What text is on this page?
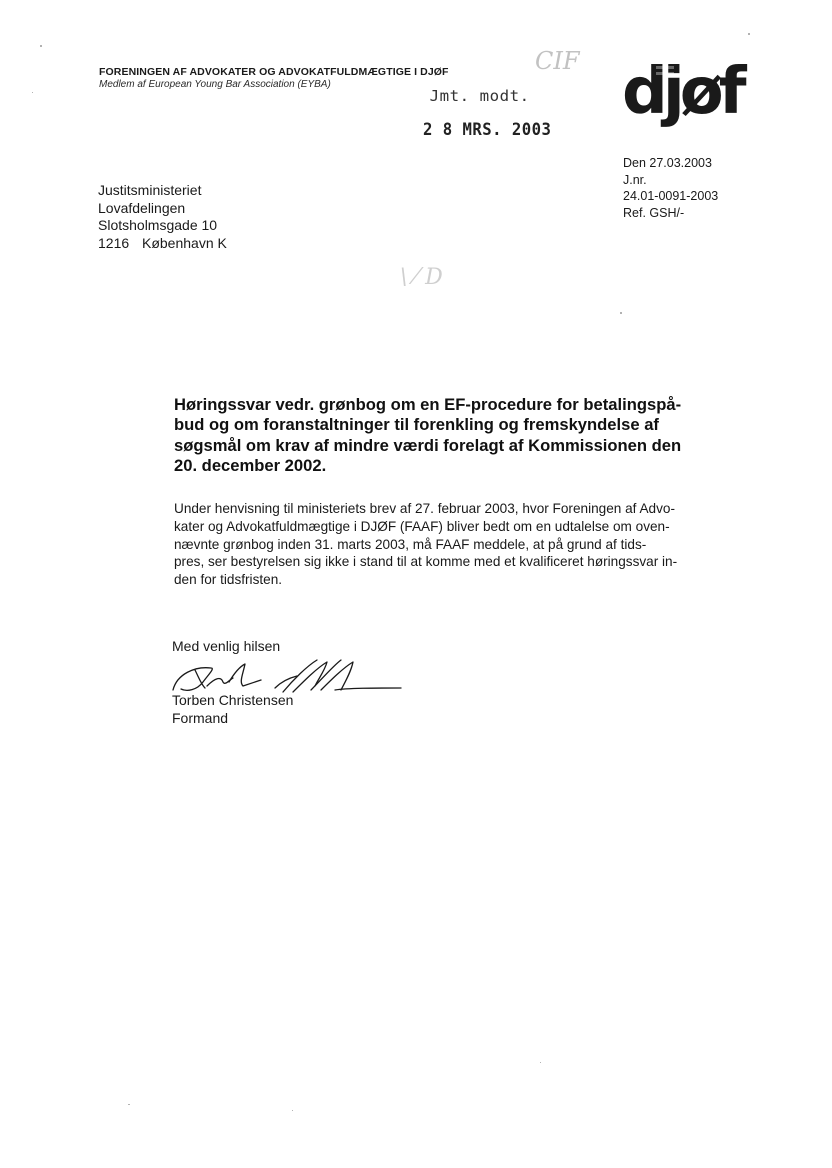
FORENINGEN AF ADVOKATER OG ADVOKATFULDMÆGTIGE I DJØF
Medlem af European Young Bar Association (EYBA)
CIF
Jmt. modt.
2 8 MRS. 2003
djøf
Den 27.03.2003
J.nr.
24.01-0091-2003
Ref. GSH/-
Justitsministeriet
Lovafdelingen
Slotsholmsgade 10
1216 København K
\ ⁄ D
Høringssvar vedr. grønbog om en EF-procedure for betalingspå-
bud og om foranstaltninger til forenkling og fremskyndelse af
søgsmål om krav af mindre værdi forelagt af Kommissionen den
20. december 2002.
Under henvisning til ministeriets brev af 27. februar 2003, hvor Foreningen af Advo-
kater og Advokatfuldmægtige i DJØF (FAAF) bliver bedt om en udtalelse om oven-
nævnte grønbog inden 31. marts 2003, må FAAF meddele, at på grund af tids-
pres, ser bestyrelsen sig ikke i stand til at komme med et kvalificeret høringssvar in-
den for tidsfristen.
Med venlig hilsen
Torben Christensen
Formand
